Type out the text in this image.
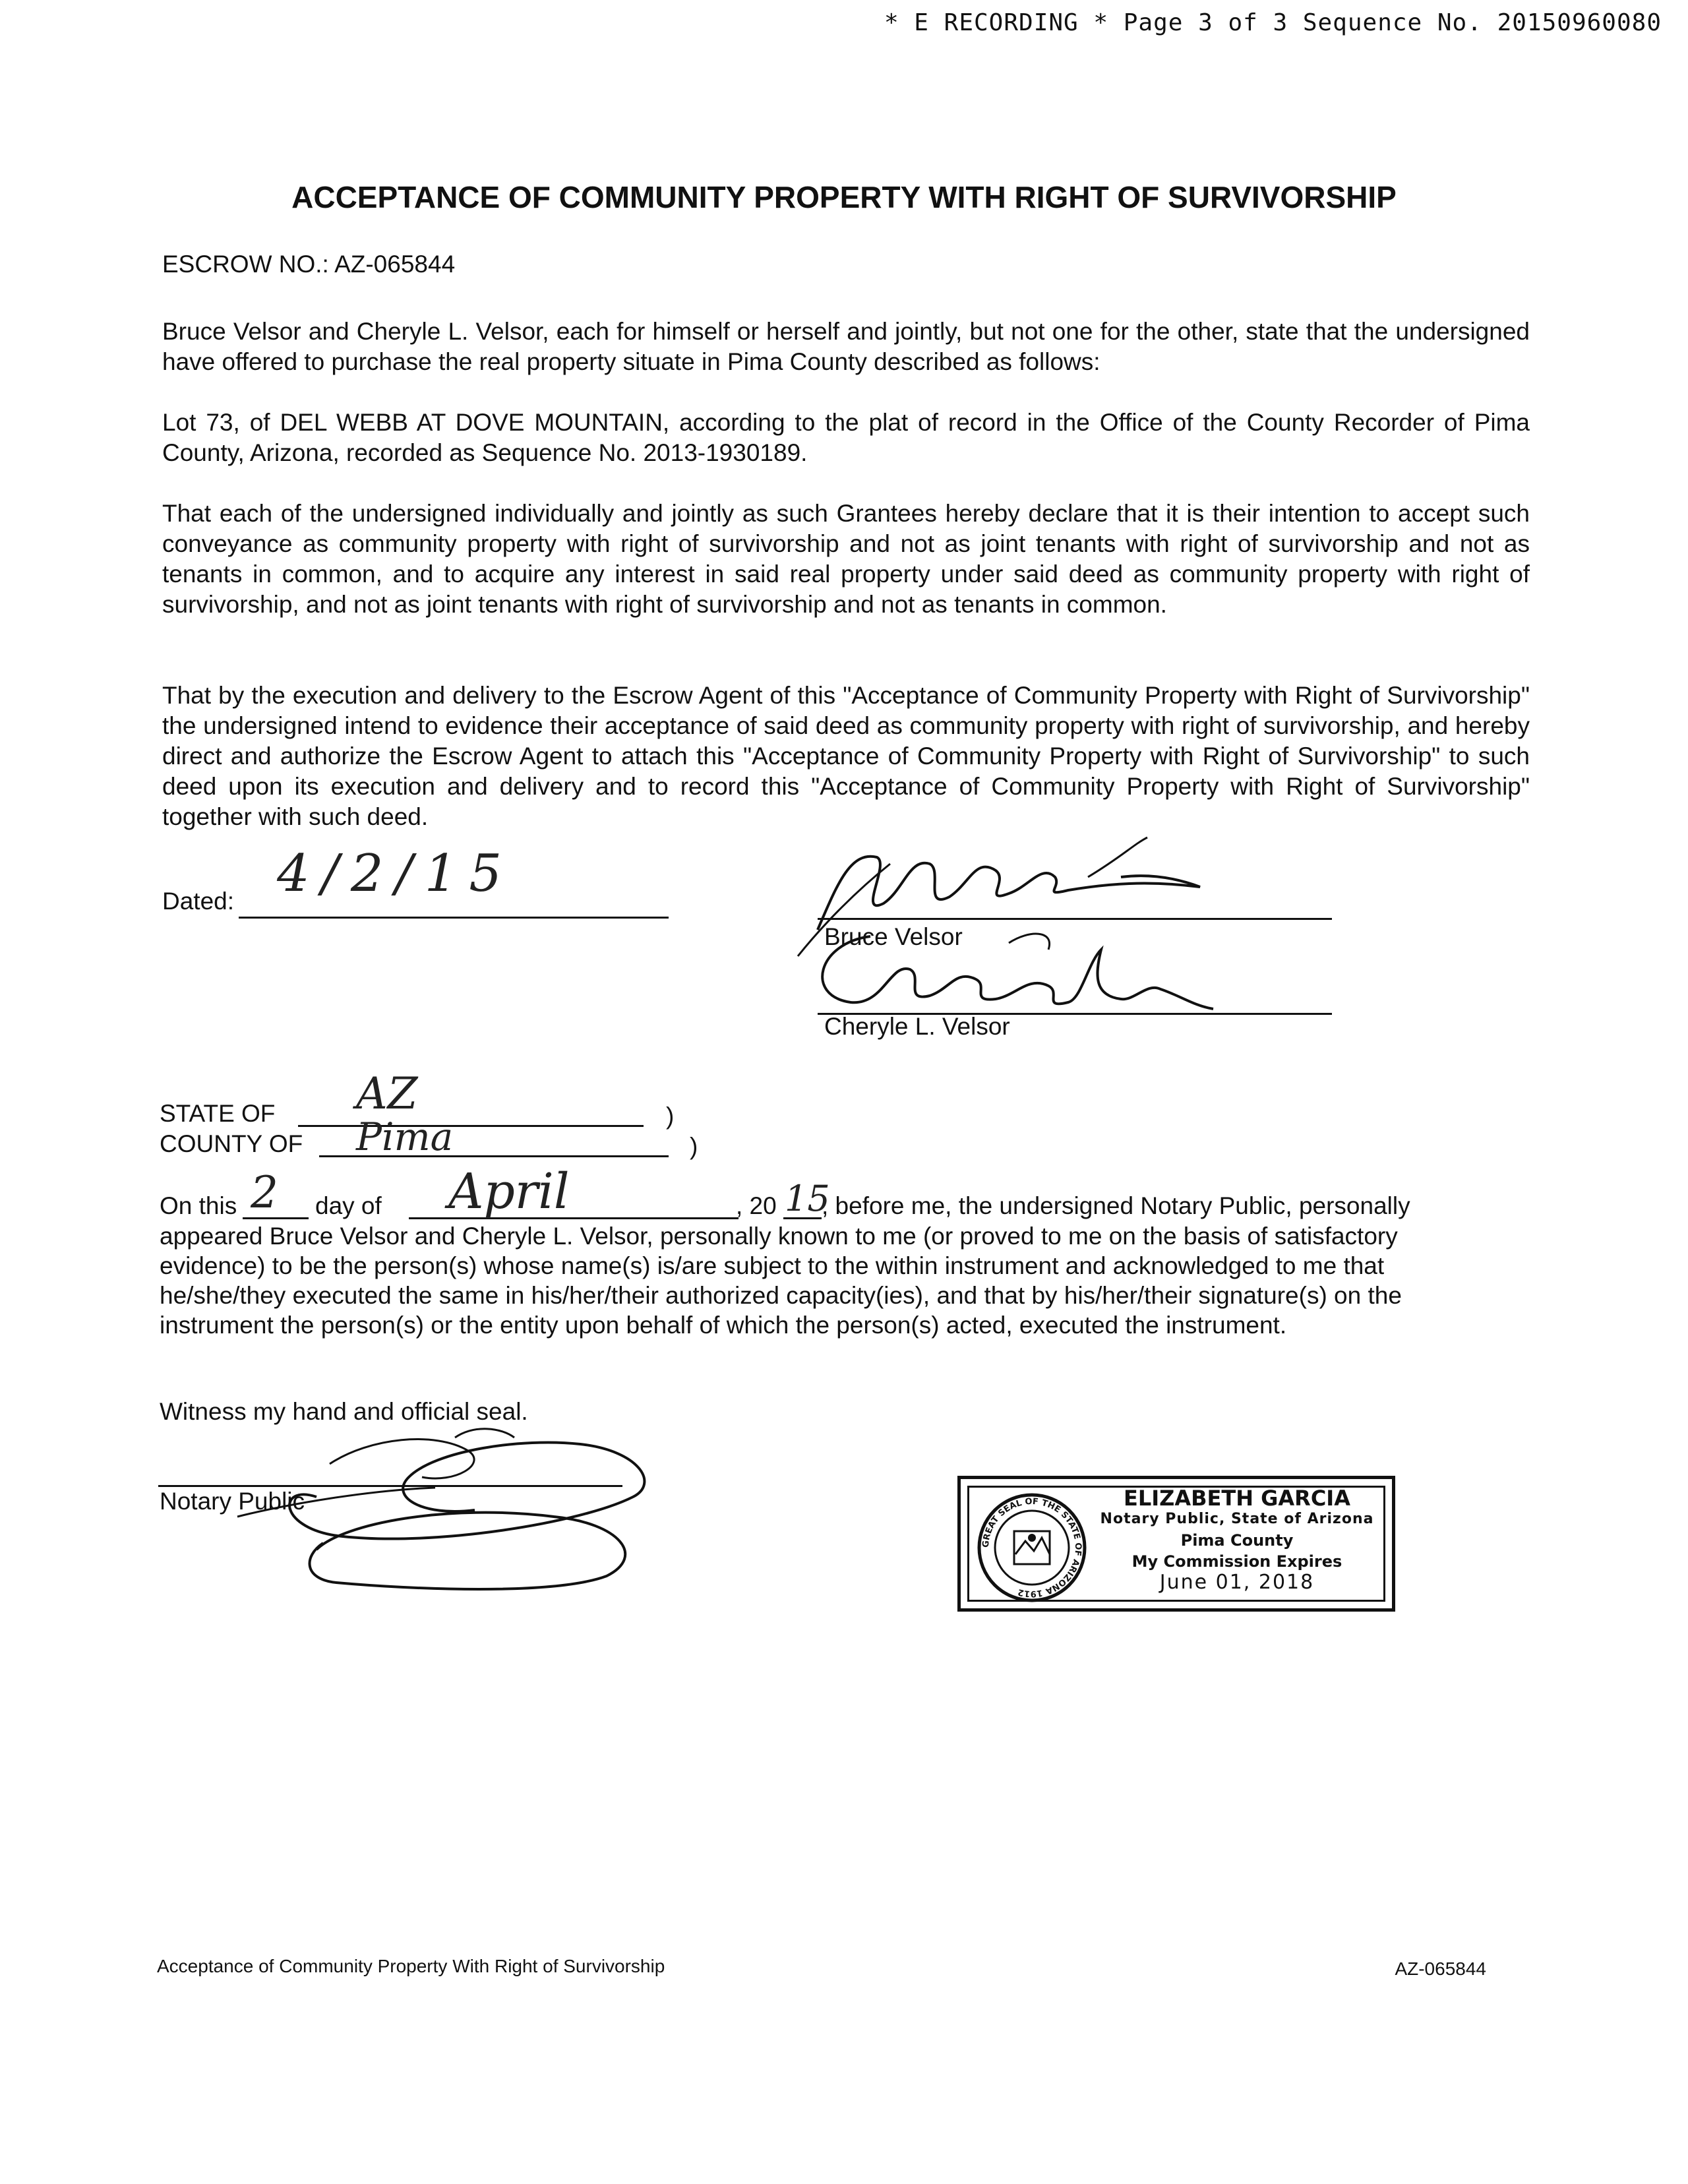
* E RECORDING * Page 3 of 3 Sequence No. 20150960080
ACCEPTANCE OF COMMUNITY PROPERTY WITH RIGHT OF SURVIVORSHIP
ESCROW NO.: AZ-065844
Bruce Velsor and Cheryle L. Velsor, each for himself or herself and jointly, but not one for the other, state that the undersigned have offered to purchase the real property situate in Pima County described as follows:
Lot 73, of DEL WEBB AT DOVE MOUNTAIN, according to the plat of record in the Office of the County Recorder of Pima County, Arizona, recorded as Sequence No. 2013-1930189.
That each of the undersigned individually and jointly as such Grantees hereby declare that it is their intention to accept such conveyance as community property with right of survivorship and not as joint tenants with right of survivorship and not as tenants in common, and to acquire any interest in said real property under said deed as community property with right of survivorship, and not as joint tenants with right of survivorship and not as tenants in common.
That by the execution and delivery to the Escrow Agent of this "Acceptance of Community Property with Right of Survivorship" the undersigned intend to evidence their acceptance of said deed as community property with right of survivorship, and hereby direct and authorize the Escrow Agent to attach this "Acceptance of Community Property with Right of Survivorship" to such deed upon its execution and delivery and to record this "Acceptance of Community Property with Right of Survivorship" together with such deed.
Dated: 4/2/15
Bruce Velsor
Cheryle L. Velsor
STATE OF AZ	)
COUNTY OF Pima	)
On this 2 day of April	, 20 15
, before me, the undersigned Notary Public, personally
appeared Bruce Velsor and Cheryle L. Velsor, personally known to me (or proved to me on the basis of satisfactory evidence) to be the person(s) whose name(s) is/are subject to the within instrument and acknowledged to me that he/she/they executed the same in his/her/their authorized capacity(ies), and that by his/her/their signature(s) on the instrument the person(s) or the entity upon behalf of which the person(s) acted, executed the instrument.
Witness my hand and official seal.
Notary Public
GREAT SEAL OF THE STATE OF ARIZONA 1912
ELIZABETH GARCIA
Notary Public, State of Arizona
Pima County
My Commission Expires
June 01, 2018
Acceptance of Community Property With Right of Survivorship	AZ-065844
